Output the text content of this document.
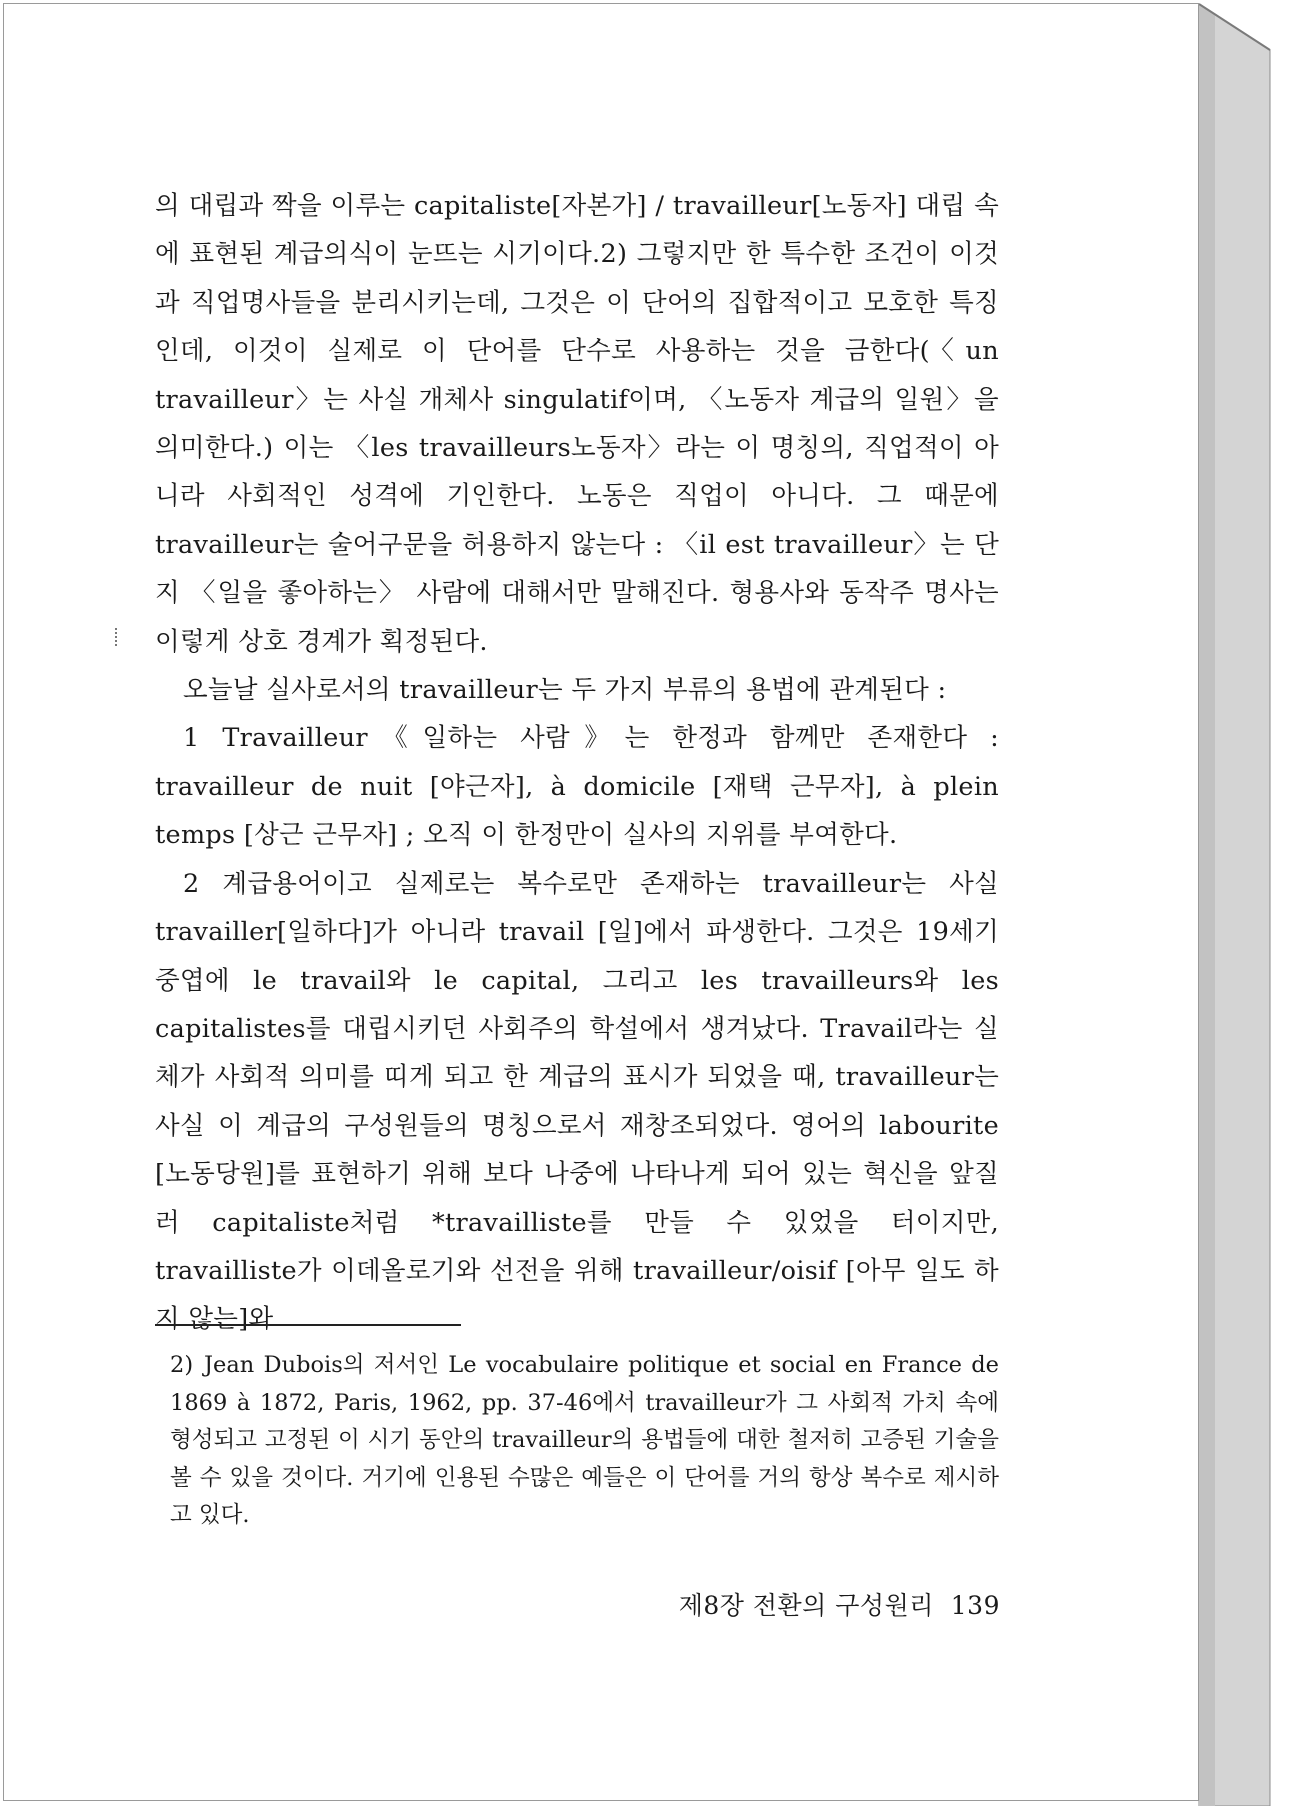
의 대립과 짝을 이루는 capitaliste[자본가] / travailleur[노동자] 대립 속에 표현된 계급의식이 눈뜨는 시기이다.2) 그렇지만 한 특수한 조건이 이것과 직업명사들을 분리시키는데, 그것은 이 단어의 집합적이고 모호한 특징인데, 이것이 실제로 이 단어를 단수로 사용하는 것을 금한다(〈un travailleur〉는 사실 개체사 singulatif이며, 〈노동자 계급의 일원〉을 의미한다.) 이는 〈les travailleurs노동자〉라는 이 명칭의, 직업적이 아니라 사회적인 성격에 기인한다. 노동은 직업이 아니다. 그 때문에 travailleur는 술어구문을 허용하지 않는다 : 〈il est travailleur〉는 단지 〈일을 좋아하는〉 사람에 대해서만 말해진다. 형용사와 동작주 명사는 이렇게 상호 경계가 획정된다.

오늘날 실사로서의 travailleur는 두 가지 부류의 용법에 관계된다 :

1 Travailleur《일하는 사람》는 한정과 함께만 존재한다 : travailleur de nuit [야근자], à domicile [재택 근무자], à plein temps [상근 근무자] ; 오직 이 한정만이 실사의 지위를 부여한다.

2 계급용어이고 실제로는 복수로만 존재하는 travailleur는 사실 travailler[일하다]가 아니라 travail [일]에서 파생한다. 그것은 19세기 중엽에 le travail와 le capital, 그리고 les travailleurs와 les capitalistes를 대립시키던 사회주의 학설에서 생겨났다. Travail라는 실체가 사회적 의미를 띠게 되고 한 계급의 표시가 되었을 때, travailleur는 사실 이 계급의 구성원들의 명칭으로서 재창조되었다. 영어의 labourite [노동당원]를 표현하기 위해 보다 나중에 나타나게 되어 있는 혁신을 앞질러 capitaliste처럼 *travailliste를 만들 수 있었을 터이지만, travailliste가 이데올로기와 선전을 위해 travailleur/oisif [아무 일도 하지 않는]와

2) Jean Dubois의 저서인 Le vocabulaire politique et social en France de 1869 à 1872, Paris, 1962, pp. 37-46에서 travailleur가 그 사회적 가치 속에 형성되고 고정된 이 시기 동안의 travailleur의 용법들에 대한 철저히 고증된 기술을 볼 수 있을 것이다. 거기에 인용된 수많은 예들은 이 단어를 거의 항상 복수로 제시하고 있다.
제8장 전환의 구성원리 139
